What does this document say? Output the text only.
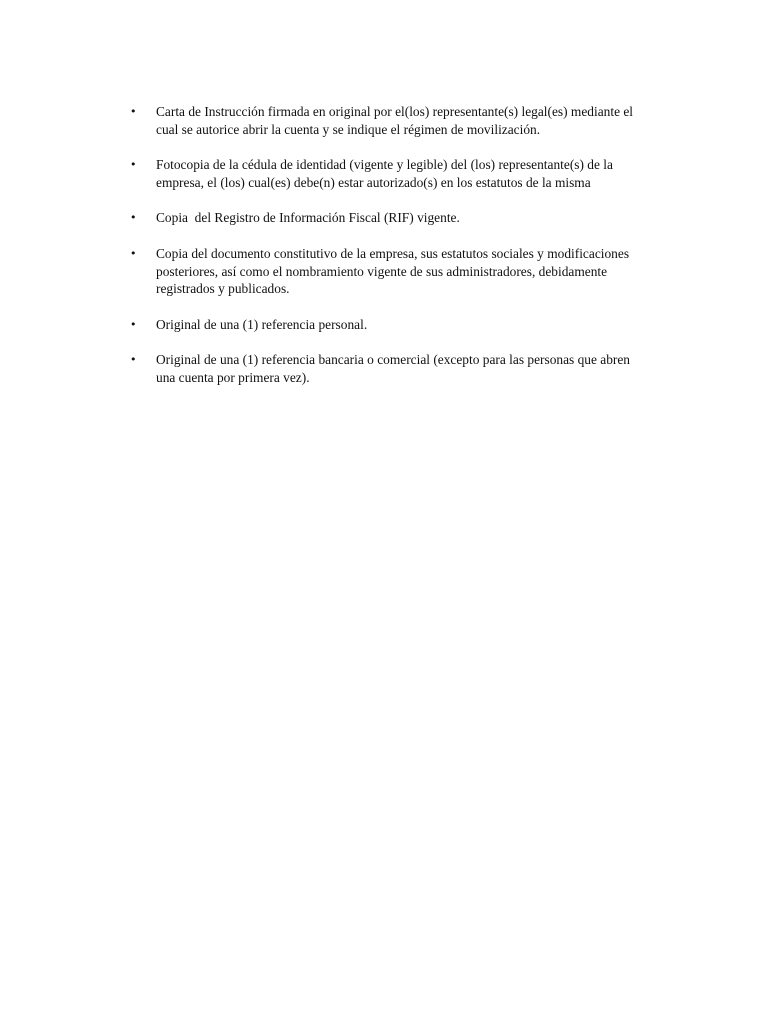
•	Carta de Instrucción firmada en original por el(los) representante(s) legal(es) mediante el cual se autorice abrir la cuenta y se indique el régimen de movilización.
•	Fotocopia de la cédula de identidad (vigente y legible) del (los) representante(s) de la empresa, el (los) cual(es) debe(n) estar autorizado(s) en los estatutos de la misma
•	Copia  del Registro de Información Fiscal (RIF) vigente.
•	Copia del documento constitutivo de la empresa, sus estatutos sociales y modificaciones posteriores, así como el nombramiento vigente de sus administradores, debidamente registrados y publicados.
•	Original de una (1) referencia personal.
•	Original de una (1) referencia bancaria o comercial (excepto para las personas que abren una cuenta por primera vez).
